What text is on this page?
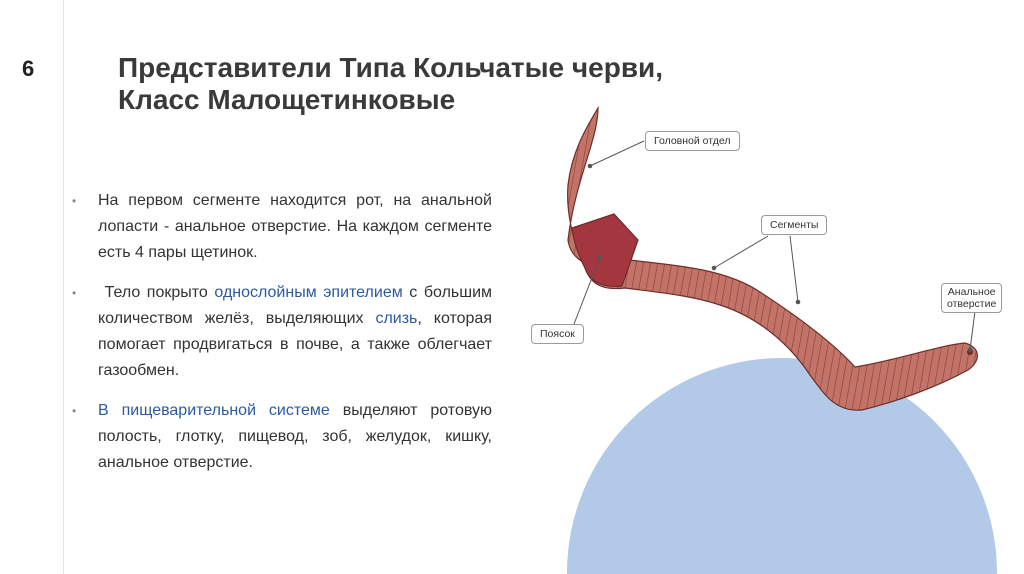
6	Представители Типа Кольчатые черви,
Класс Малощетинковые
Головной отдел
Сегменты
Анальное
отверстие
Поясок
• На первом сегменте находится рот, на анальной лопасти - анальное отверстие. На каждом сегменте есть 4 пары щетинок.
• Тело покрыто однослойным эпителием с большим количеством желёз, выделяющих слизь, которая помогает продвигаться в почве, а также облегчает газообмен.
• В пищеварительной системе выделяют ротовую полость, глотку, пищевод, зоб, желудок, кишку, анальное отверстие.
